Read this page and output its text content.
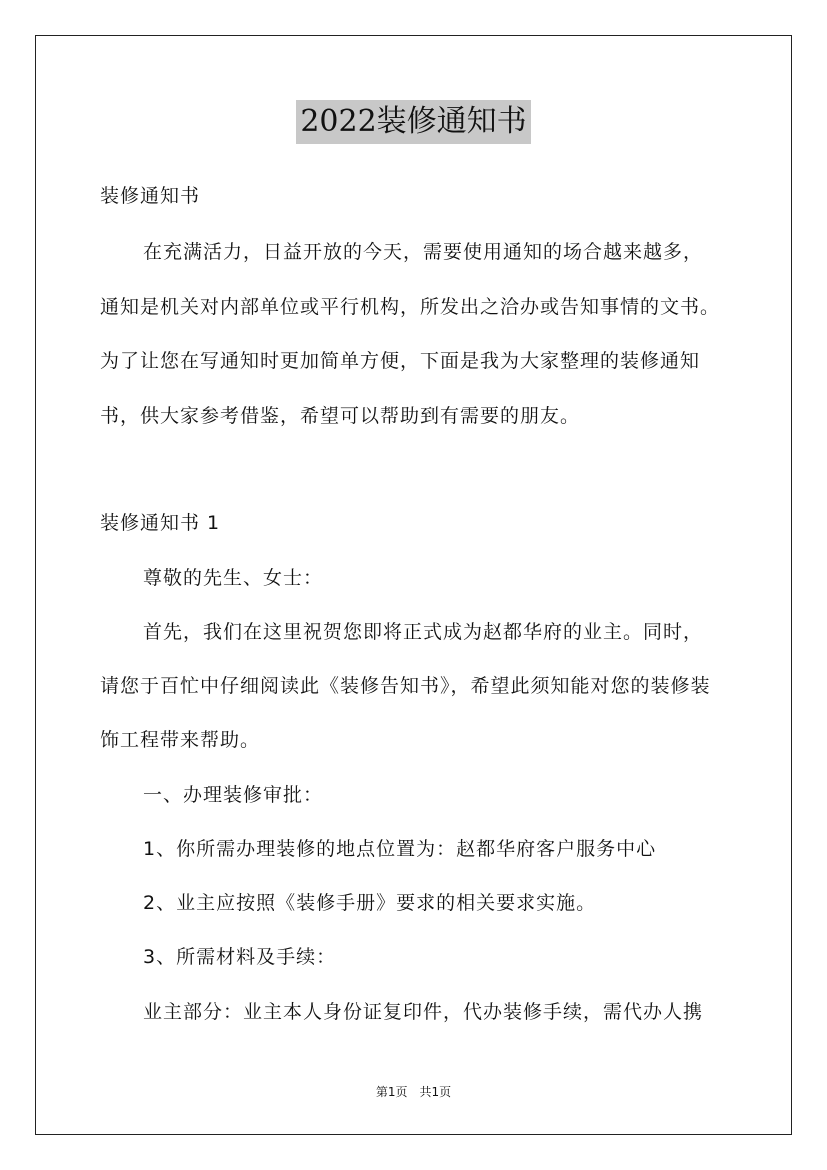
2022装修通知书
装修通知书
在充满活力，日益开放的今天，需要使用通知的场合越来越多，
通知是机关对内部单位或平行机构，所发出之洽办或告知事情的文书。
为了让您在写通知时更加简单方便，下面是我为大家整理的装修通知
书，供大家参考借鉴，希望可以帮助到有需要的朋友。
装修通知书 1
尊敬的先生、女士：
首先，我们在这里祝贺您即将正式成为赵都华府的业主。同时，
请您于百忙中仔细阅读此《装修告知书》，希望此须知能对您的装修装
饰工程带来帮助。
一、办理装修审批：
1、你所需办理装修的地点位置为：赵都华府客户服务中心
2、业主应按照《装修手册》要求的相关要求实施。
3、所需材料及手续：
业主部分：业主本人身份证复印件，代办装修手续，需代办人携
第1页　共1页
